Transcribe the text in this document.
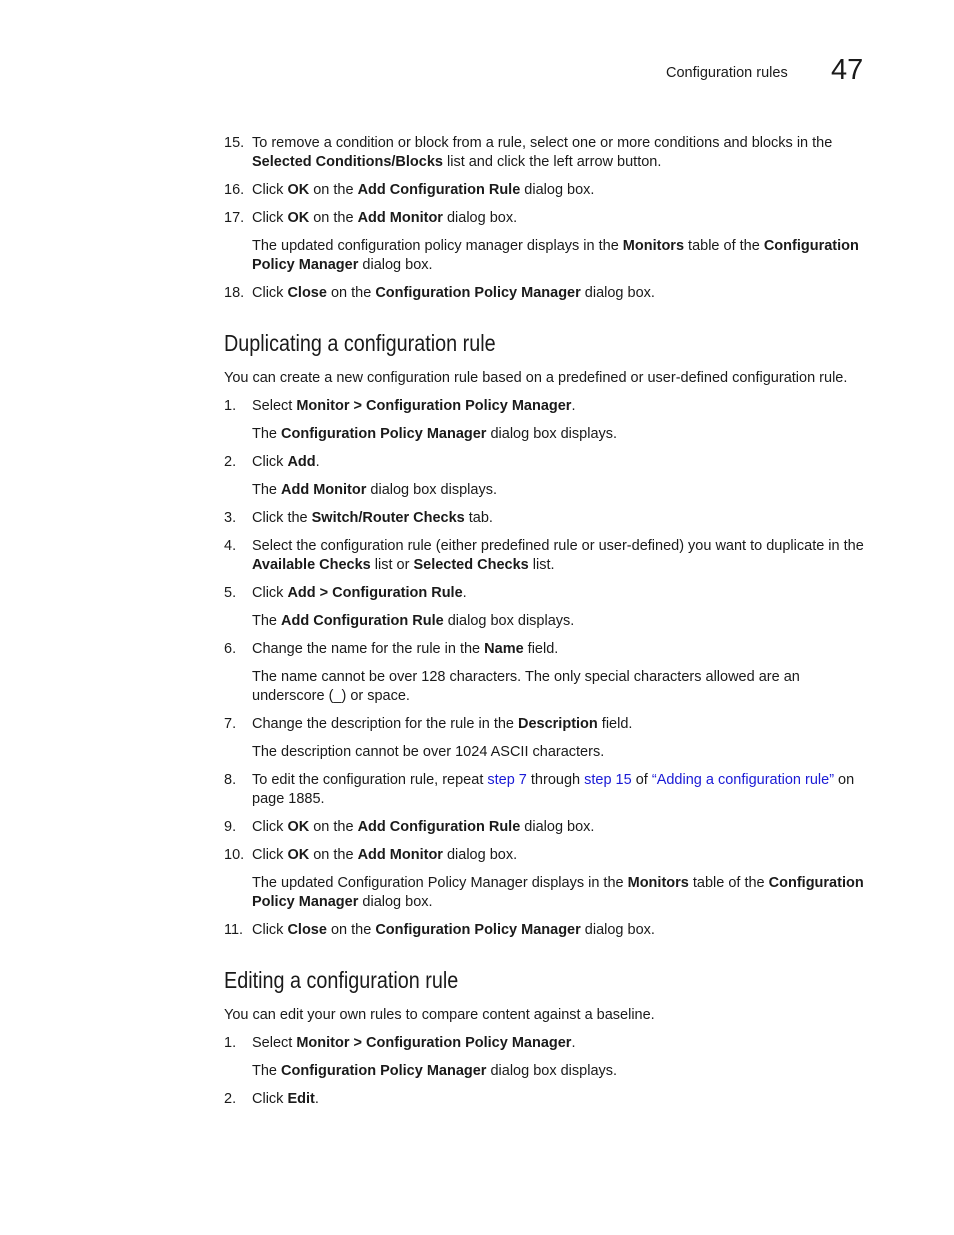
Configuration rules 47
15. To remove a condition or block from a rule, select one or more conditions and blocks in the Selected Conditions/Blocks list and click the left arrow button.
16. Click OK on the Add Configuration Rule dialog box.
17. Click OK on the Add Monitor dialog box.
The updated configuration policy manager displays in the Monitors table of the Configuration Policy Manager dialog box.
18. Click Close on the Configuration Policy Manager dialog box.
Duplicating a configuration rule
You can create a new configuration rule based on a predefined or user-defined configuration rule.
1. Select Monitor > Configuration Policy Manager.
The Configuration Policy Manager dialog box displays.
2. Click Add.
The Add Monitor dialog box displays.
3. Click the Switch/Router Checks tab.
4. Select the configuration rule (either predefined rule or user-defined) you want to duplicate in the Available Checks list or Selected Checks list.
5. Click Add > Configuration Rule.
The Add Configuration Rule dialog box displays.
6. Change the name for the rule in the Name field.
The name cannot be over 128 characters. The only special characters allowed are an underscore (_) or space.
7. Change the description for the rule in the Description field.
The description cannot be over 1024 ASCII characters.
8. To edit the configuration rule, repeat step 7 through step 15 of “Adding a configuration rule” on page 1885.
9. Click OK on the Add Configuration Rule dialog box.
10. Click OK on the Add Monitor dialog box.
The updated Configuration Policy Manager displays in the Monitors table of the Configuration Policy Manager dialog box.
11. Click Close on the Configuration Policy Manager dialog box.
Editing a configuration rule
You can edit your own rules to compare content against a baseline.
1. Select Monitor > Configuration Policy Manager.
The Configuration Policy Manager dialog box displays.
2. Click Edit.
